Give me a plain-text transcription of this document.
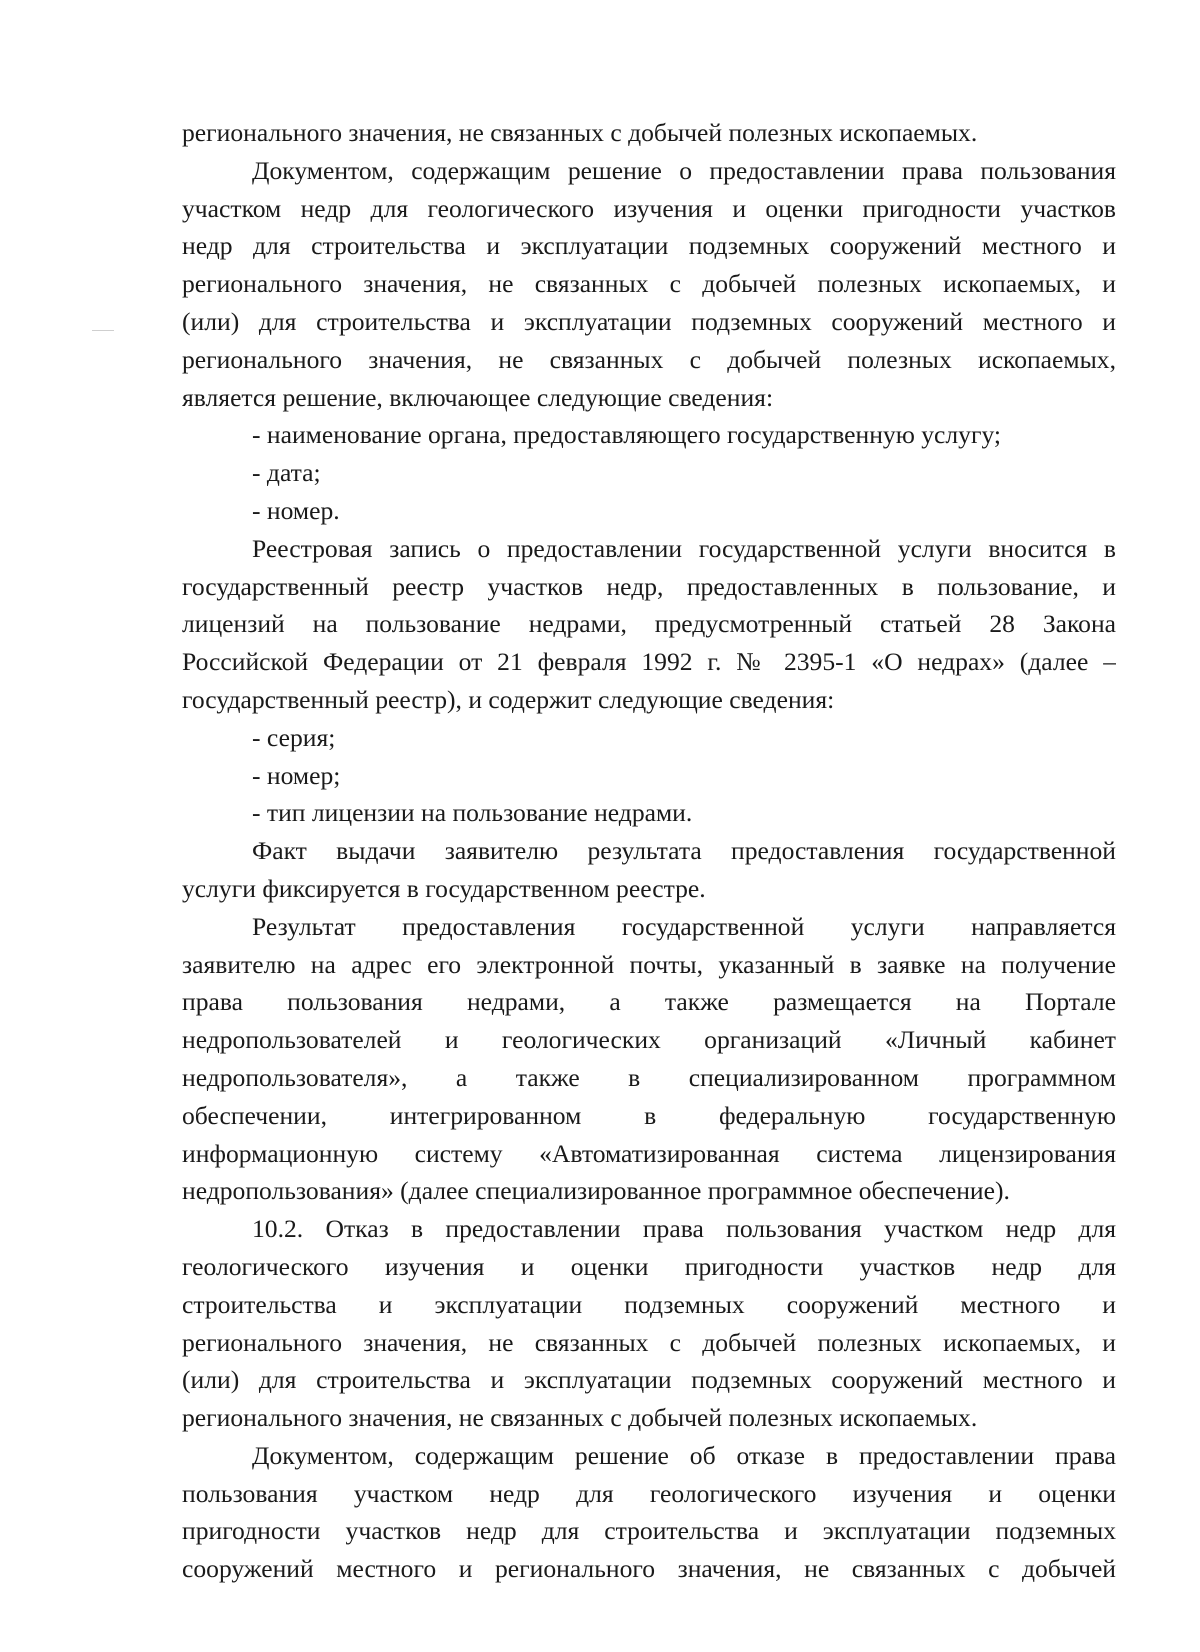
регионального значения, не связанных с добычей полезных ископаемых.
Документом, содержащим решение о предоставлении права пользования
участком недр для геологического изучения и оценки пригодности участков
недр для строительства и эксплуатации подземных сооружений местного и
регионального значения, не связанных с добычей полезных ископаемых, и
(или) для строительства и эксплуатации подземных сооружений местного и
регионального значения, не связанных с добычей полезных ископаемых,
является решение, включающее следующие сведения:
- наименование органа, предоставляющего государственную услугу;
- дата;
- номер.
Реестровая запись о предоставлении государственной услуги вносится в
государственный реестр участков недр, предоставленных в пользование, и
лицензий на пользование недрами, предусмотренный статьей 28 Закона
Российской Федерации от 21 февраля 1992 г. № 2395-1 «О недрах» (далее –
государственный реестр), и содержит следующие сведения:
- серия;
- номер;
- тип лицензии на пользование недрами.
Факт выдачи заявителю результата предоставления государственной
услуги фиксируется в государственном реестре.
Результат предоставления государственной услуги направляется
заявителю на адрес его электронной почты, указанный в заявке на получение
права пользования недрами, а также размещается на Портале
недропользователей и геологических организаций «Личный кабинет
недропользователя», а также в специализированном программном
обеспечении, интегрированном в федеральную государственную
информационную систему «Автоматизированная система лицензирования
недропользования» (далее специализированное программное обеспечение).
10.2. Отказ в предоставлении права пользования участком недр для
геологического изучения и оценки пригодности участков недр для
строительства и эксплуатации подземных сооружений местного и
регионального значения, не связанных с добычей полезных ископаемых, и
(или) для строительства и эксплуатации подземных сооружений местного и
регионального значения, не связанных с добычей полезных ископаемых.
Документом, содержащим решение об отказе в предоставлении права
пользования участком недр для геологического изучения и оценки
пригодности участков недр для строительства и эксплуатации подземных
сооружений местного и регионального значения, не связанных с добычей
